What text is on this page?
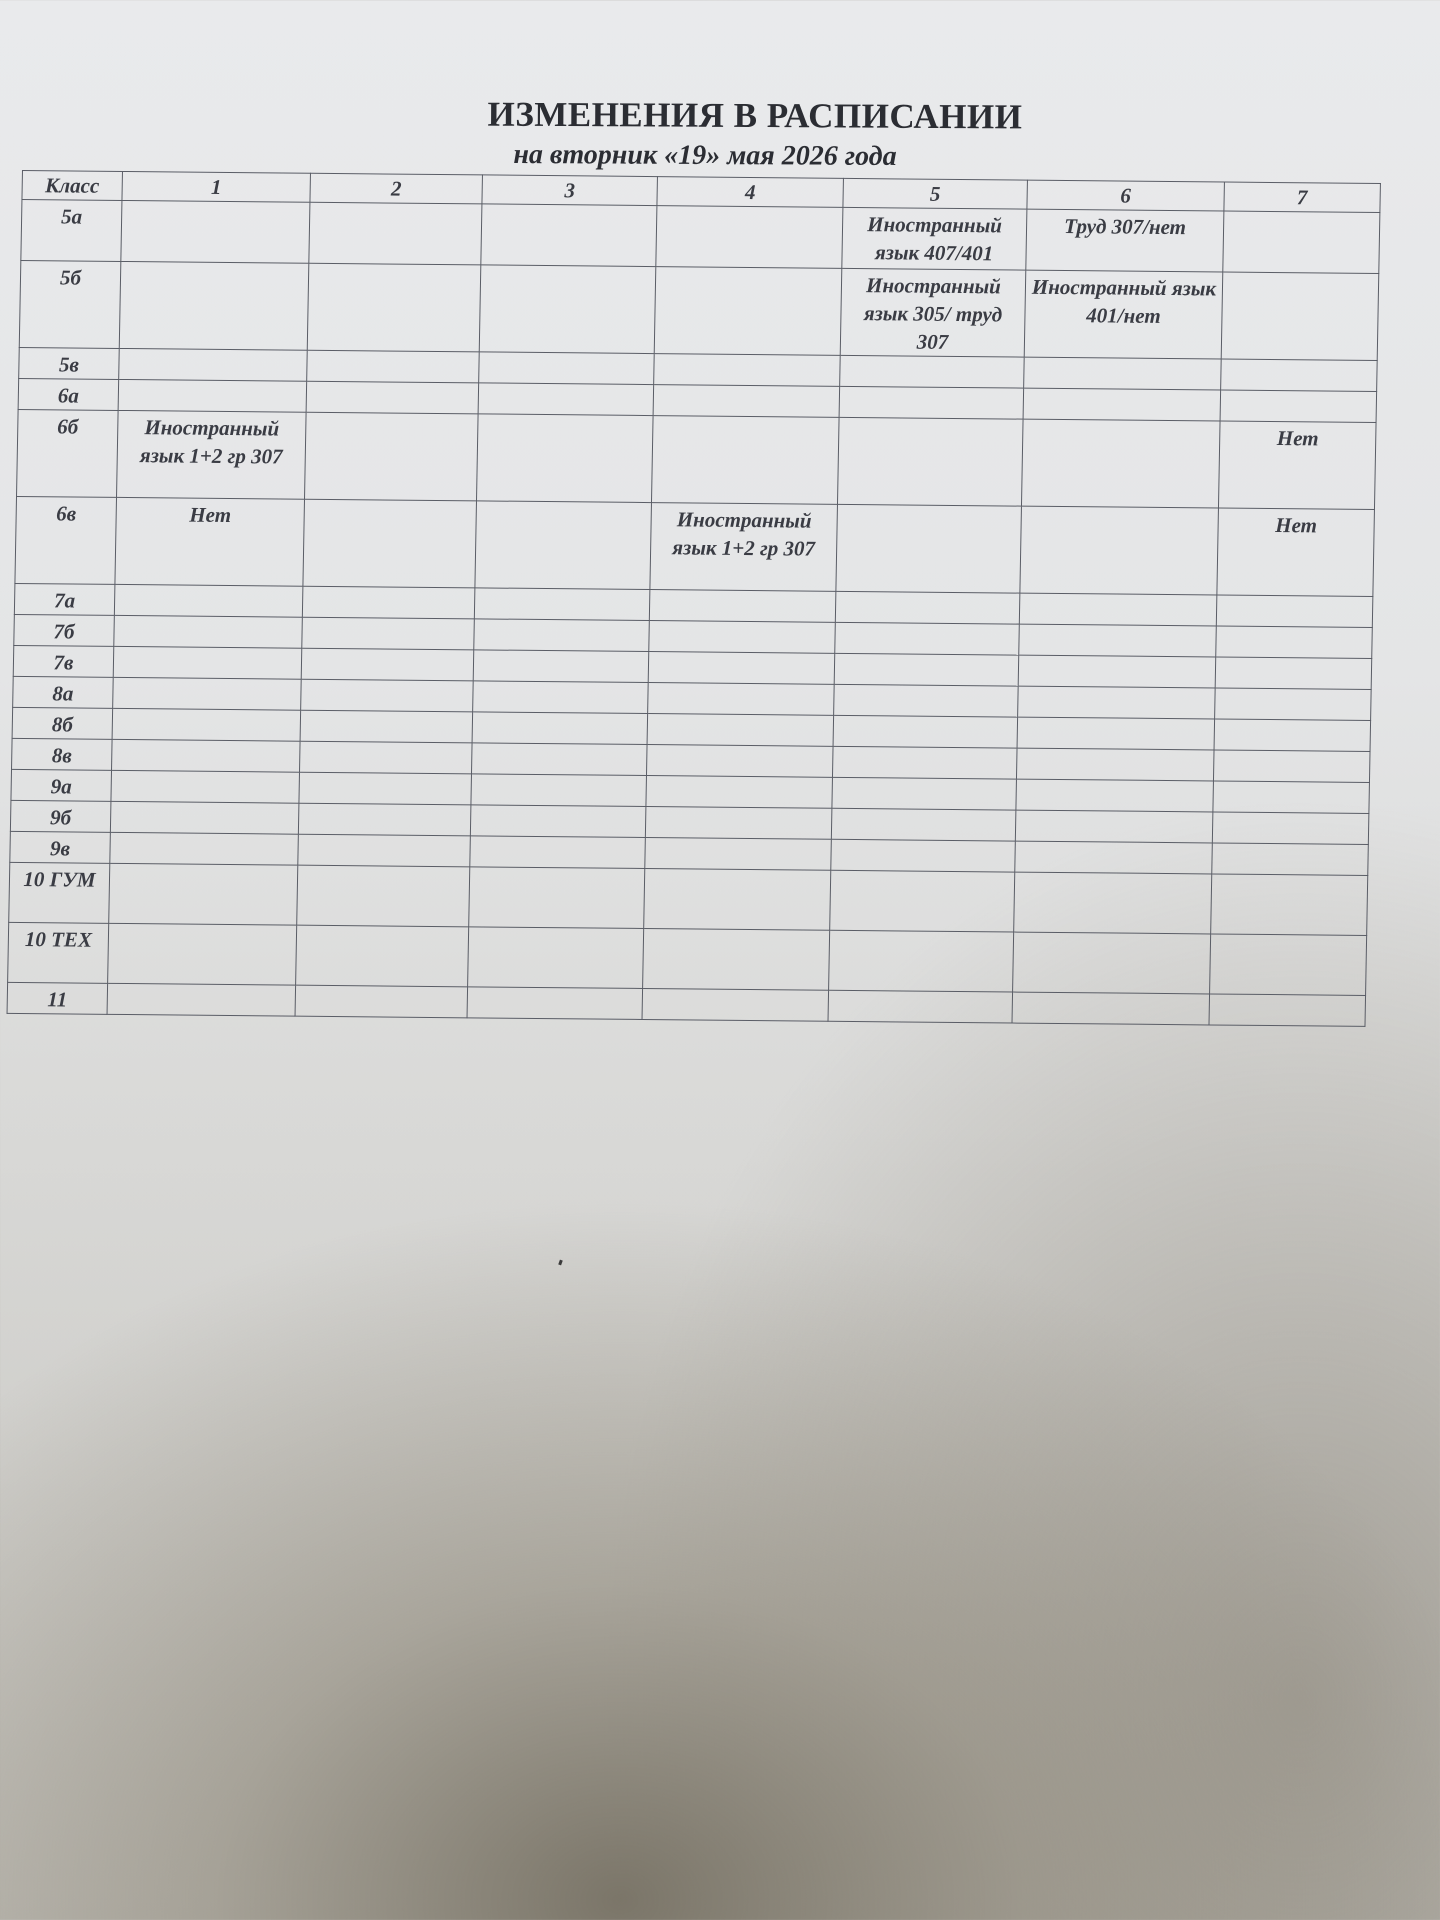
ИЗМЕНЕНИЯ В РАСПИСАНИИ
на вторник «19» мая 2026 года
Класс	1	2	3	4	5	6	7
5а					Иностранный язык 407/401	Труд 307/нет	
5б					Иностранный язык 305/ труд 307	Иностранный язык 401/нет	
5в							
6а							
6б	Иностранный язык 1+2 гр 307						Нет
6в	Нет			Иностранный язык 1+2 гр 307			Нет
7а							
7б							
7в							
8а							
8б							
8в							
9а							
9б							
9в							
10 ГУМ							
10 ТЕХ							
11							
